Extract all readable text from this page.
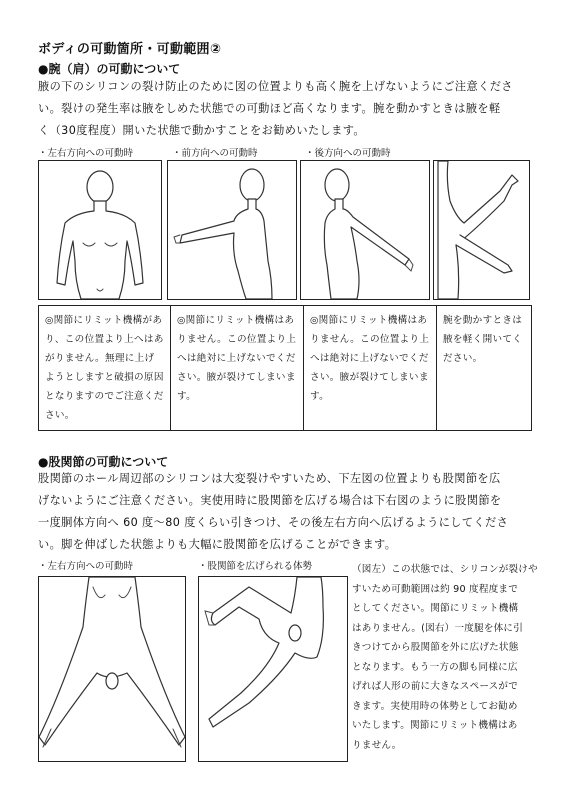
ボディの可動箇所・可動範囲②
●腕（肩）の可動について
腋の下のシリコンの裂け防止のために図の位置よりも高く腕を上げないようにご注意くださ
い。裂けの発生率は腋をしめた状態での可動ほど高くなります。腕を動かすときは腋を軽
く（30度程度）開いた状態で動かすことをお勧めいたします。
・左右方向への可動時	・前方向への可動時	・後方向への可動時
◎関節にリミット機構があり、この位置より上へはあがりません。無理に上げようとしますと破損の原因となりますのでご注意ください。	◎関節にリミット機構はありません。この位置より上へは絶対に上げないでください。腋が裂けてしまいます。	◎関節にリミット機構はありません。この位置より上へは絶対に上げないでください。腋が裂けてしまいます。	腕を動かすときは腋を軽く開いてください。
●股関節の可動について
股関節のホール周辺部のシリコンは大変裂けやすいため、下左図の位置よりも股関節を広
げないようにご注意ください。実使用時に股関節を広げる場合は下右図のように股関節を
一度胴体方向へ 60 度～80 度くらい引きつけ、その後左右方向へ広げるようにしてくださ
い。脚を伸ばした状態よりも大幅に股関節を広げることができます。
・左右方向への可動時	・股関節を広げられる体勢	（図左）この状態では、シリコンが裂けや
すいため可動範囲は約 90 度程度まで
としてください。関節にリミット機構
はありません。(図右）一度腿を体に引
きつけてから股関節を外に広げた状態
となります。もう一方の脚も同様に広
げれば人形の前に大きなスペースがで
きます。実使用時の体勢としてお勧め
いたします。関節にリミット機構はあ
りません。
